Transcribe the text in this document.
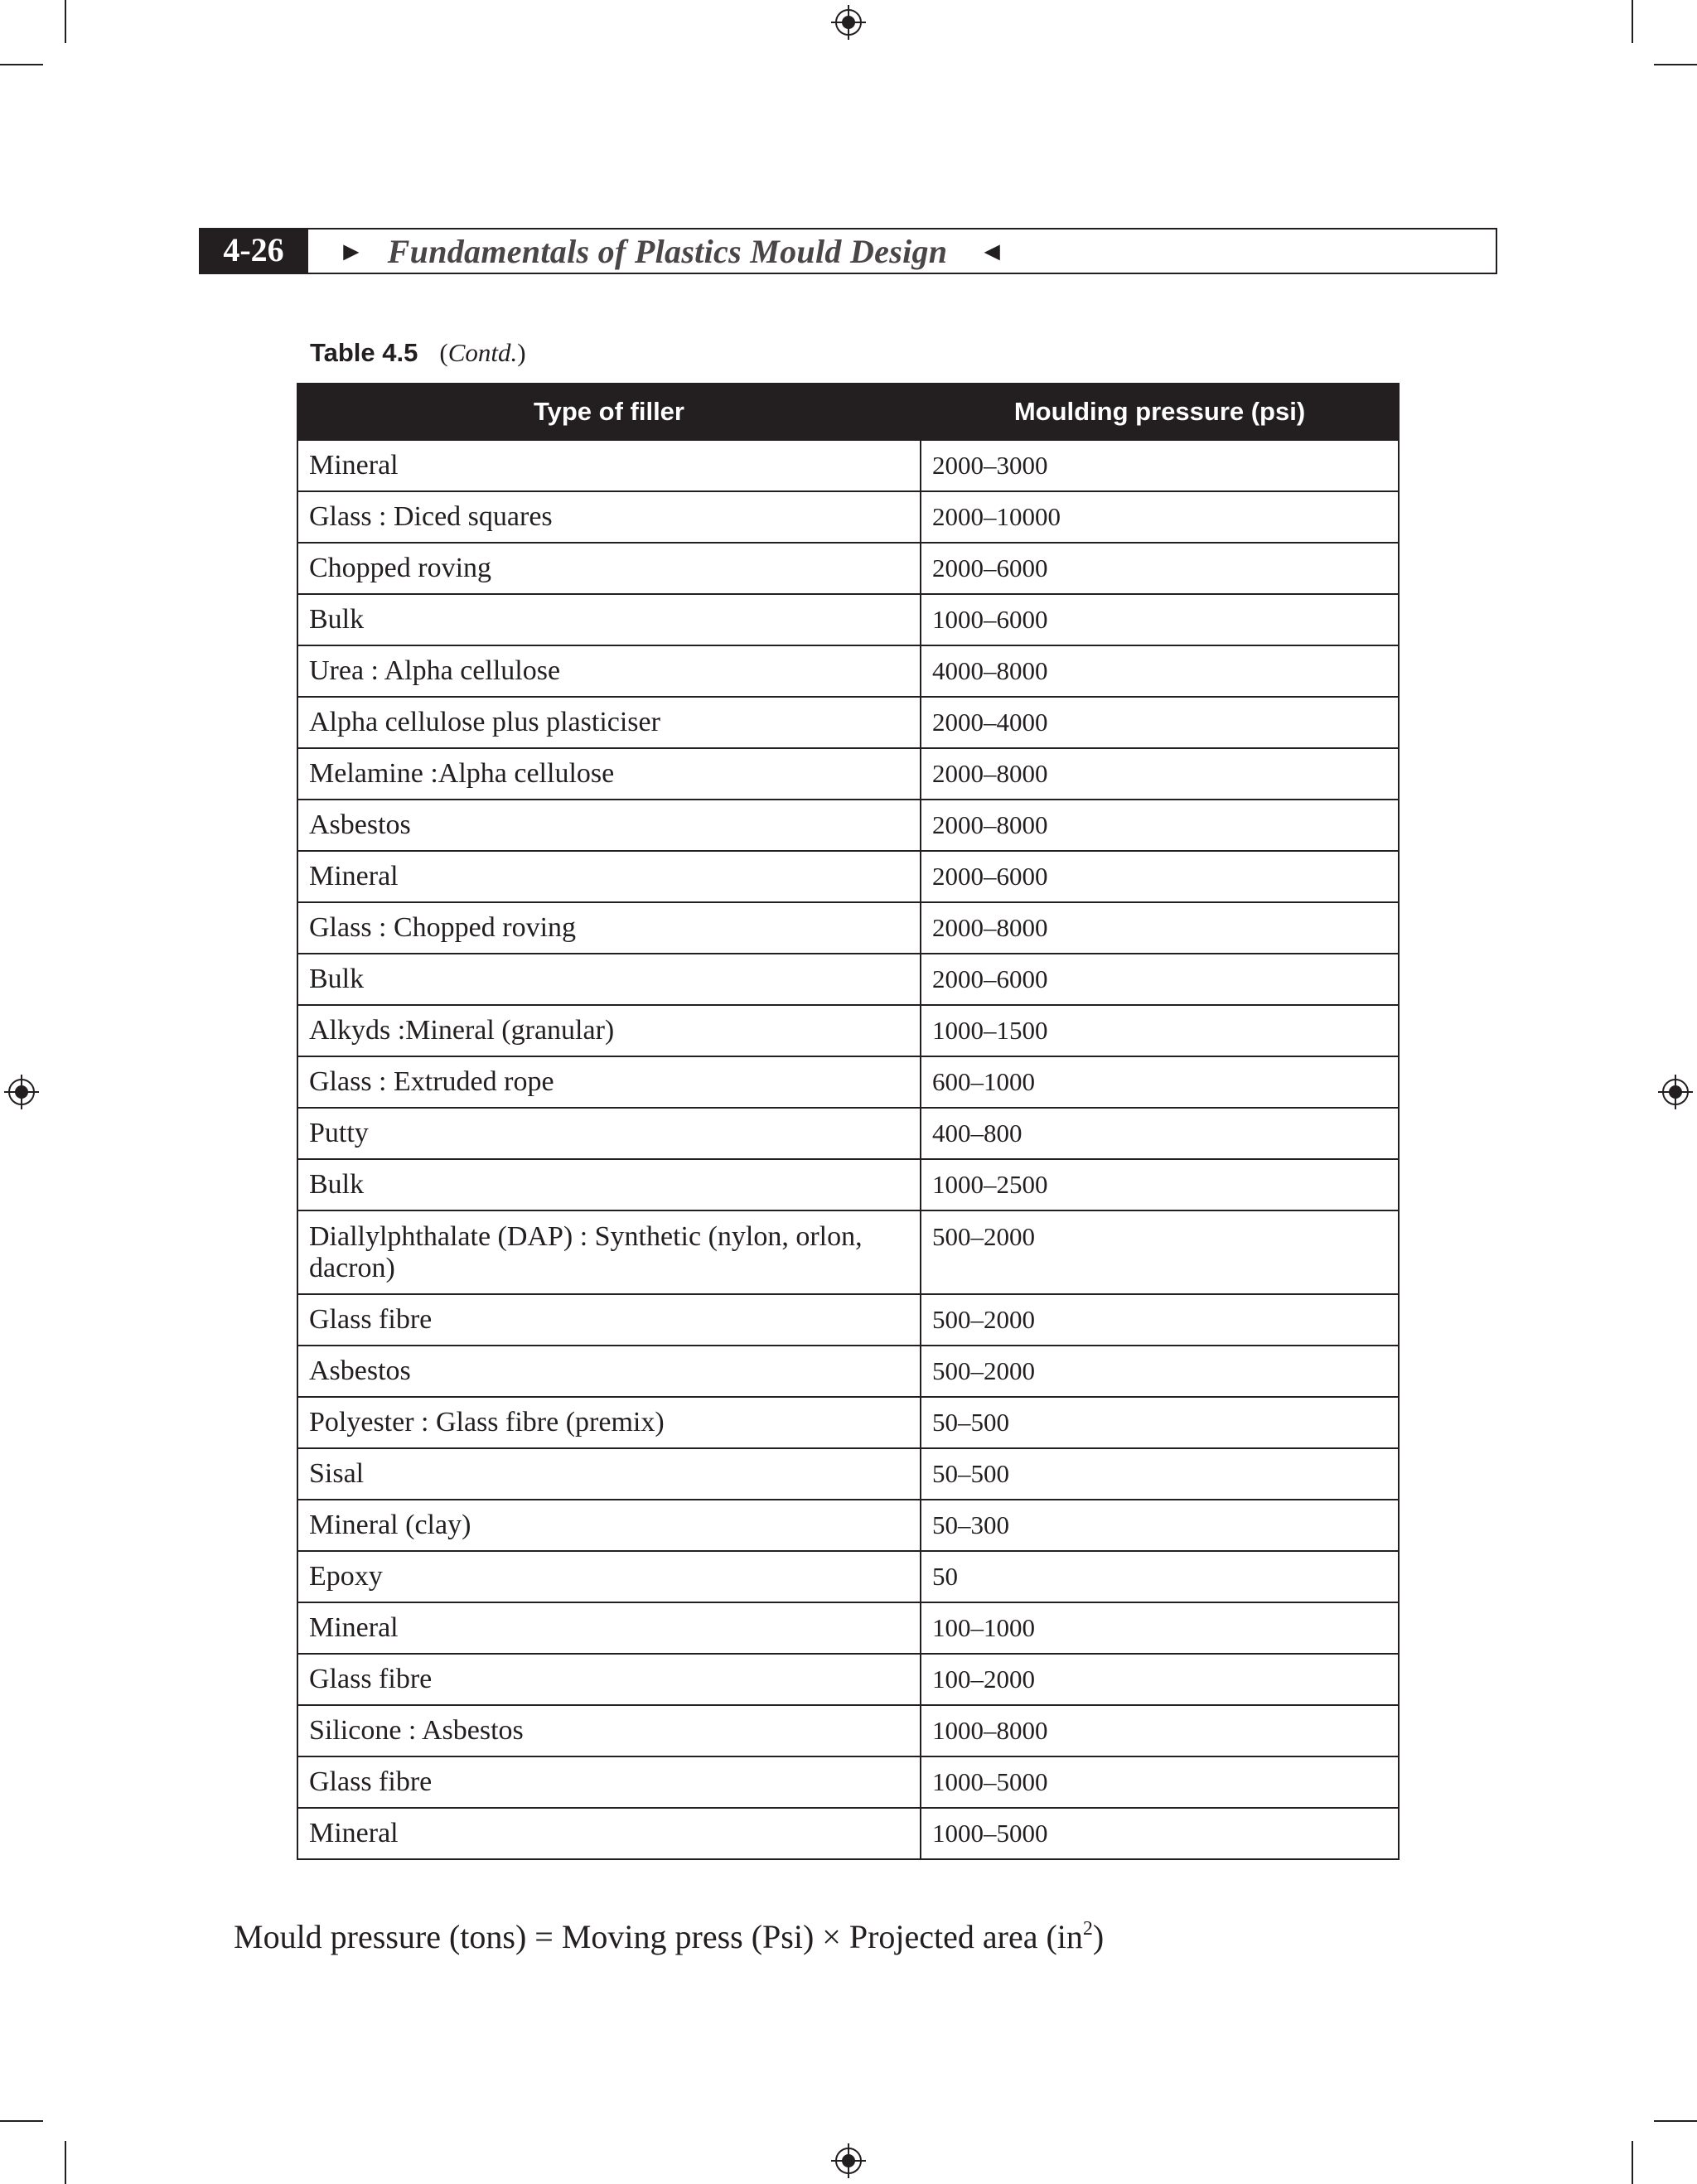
4-26	► Fundamentals of Plastics Mould Design ◄
Table 4.5 (Contd.)
Type of filler	Moulding pressure (psi)
Mineral	2000–3000
Glass : Diced squares	2000–10000
Chopped roving	2000–6000
Bulk	1000–6000
Urea : Alpha cellulose	4000–8000
Alpha cellulose plus plasticiser	2000–4000
Melamine :Alpha cellulose	2000–8000
Asbestos	2000–8000
Mineral	2000–6000
Glass : Chopped roving	2000–8000
Bulk	2000–6000
Alkyds :Mineral (granular)	1000–1500
Glass : Extruded rope	600–1000
Putty	400–800
Bulk	1000–2500
Diallylphthalate (DAP) : Synthetic (nylon, orlon, dacron)	500–2000
Glass fibre	500–2000
Asbestos	500–2000
Polyester : Glass fibre (premix)	50–500
Sisal	50–500
Mineral (clay)	50–300
Epoxy	50
Mineral	100–1000
Glass fibre	100–2000
Silicone : Asbestos	1000–8000
Glass fibre	1000–5000
Mineral	1000–5000
Mould pressure (tons) = Moving press (Psi) × Projected area $(in^2)$
